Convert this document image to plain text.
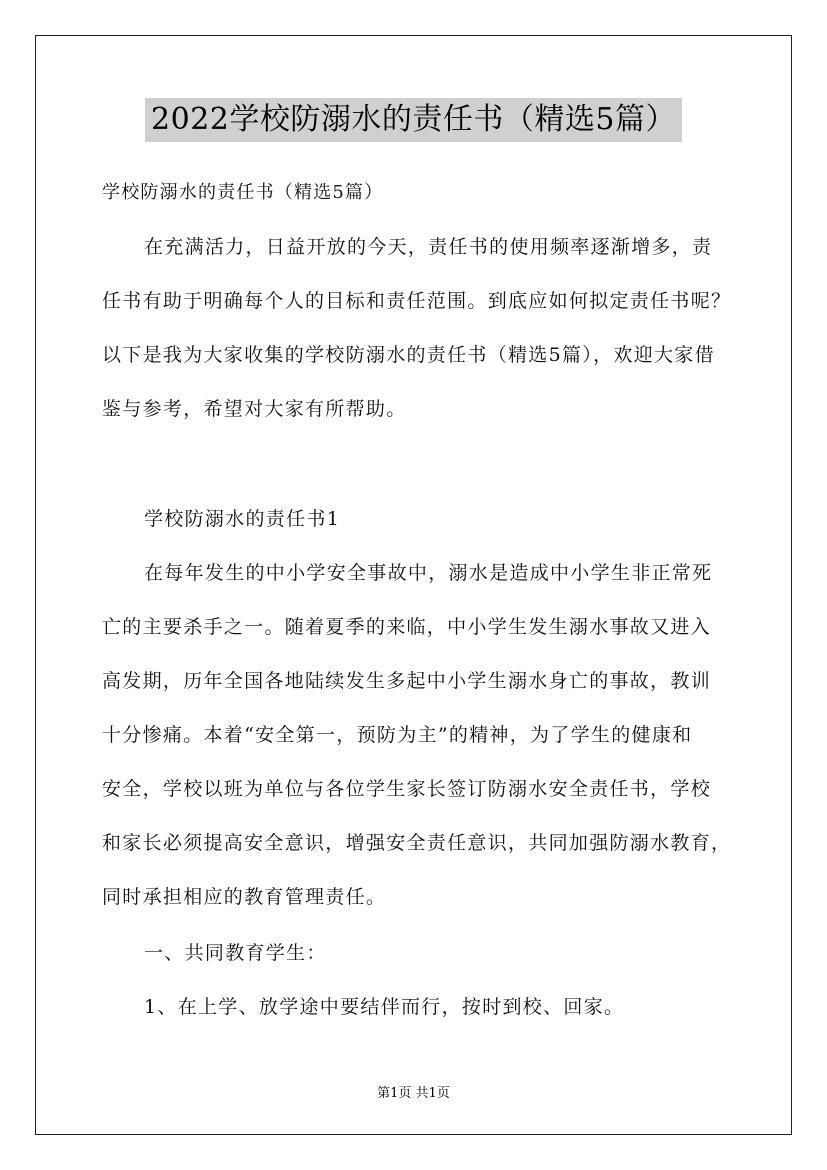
2022学校防溺水的责任书（精选5篇）
学校防溺水的责任书（精选5篇）
在充满活力，日益开放的今天，责任书的使用频率逐渐增多，责
任书有助于明确每个人的目标和责任范围。到底应如何拟定责任书呢？
以下是我为大家收集的学校防溺水的责任书（精选5篇），欢迎大家借
鉴与参考，希望对大家有所帮助。
学校防溺水的责任书1
在每年发生的中小学安全事故中，溺水是造成中小学生非正常死
亡的主要杀手之一。随着夏季的来临，中小学生发生溺水事故又进入
高发期，历年全国各地陆续发生多起中小学生溺水身亡的事故，教训
十分惨痛。本着“安全第一，预防为主”的精神，为了学生的健康和
安全，学校以班为单位与各位学生家长签订防溺水安全责任书，学校
和家长必须提高安全意识，增强安全责任意识，共同加强防溺水教育，
同时承担相应的教育管理责任。
一、共同教育学生：
1、在上学、放学途中要结伴而行，按时到校、回家。
第1页 共1页
